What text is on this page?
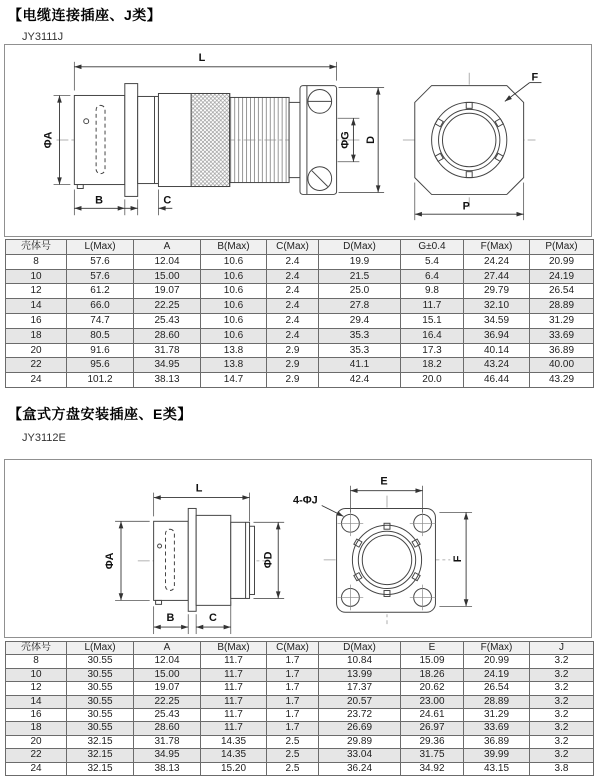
【电缆连接插座、J类】
JY3111J
L
ΦA
B	C
ΦG D
F
P
壳体号	L(Max)	A	B(Max)	C(Max)	D(Max)	G±0.4	F(Max)	P(Max)
8	57.6	12.04	10.6	2.4	19.9	5.4	24.24	20.99
10	57.6	15.00	10.6	2.4	21.5	6.4	27.44	24.19
12	61.2	19.07	10.6	2.4	25.0	9.8	29.79	26.54
14	66.0	22.25	10.6	2.4	27.8	11.7	32.10	28.89
16	74.7	25.43	10.6	2.4	29.4	15.1	34.59	31.29
18	80.5	28.60	10.6	2.4	35.3	16.4	36.94	33.69
20	91.6	31.78	13.8	2.9	35.3	17.3	40.14	36.89
22	95.6	34.95	13.8	2.9	41.1	18.2	43.24	40.00
24	101.2	38.13	14.7	2.9	42.4	20.0	46.44	43.29
【盒式方盘安装插座、E类】
JY3112E
L
ΦA	ΦD
B	C
4-ΦJ
E
F
壳体号	L(Max)	A	B(Max)	C(Max)	D(Max)	E	F(Max)	J
8	30.55	12.04	11.7	1.7	10.84	15.09	20.99	3.2
10	30.55	15.00	11.7	1.7	13.99	18.26	24.19	3.2
12	30.55	19.07	11.7	1.7	17.37	20.62	26.54	3.2
14	30.55	22.25	11.7	1.7	20.57	23.00	28.89	3.2
16	30.55	25.43	11.7	1.7	23.72	24.61	31.29	3.2
18	30.55	28.60	11.7	1.7	26.69	26.97	33.69	3.2
20	32.15	31.78	14.35	2.5	29.89	29.36	36.89	3.2
22	32.15	34.95	14.35	2.5	33.04	31.75	39.99	3.2
24	32.15	38.13	15.20	2.5	36.24	34.92	43.15	3.8
